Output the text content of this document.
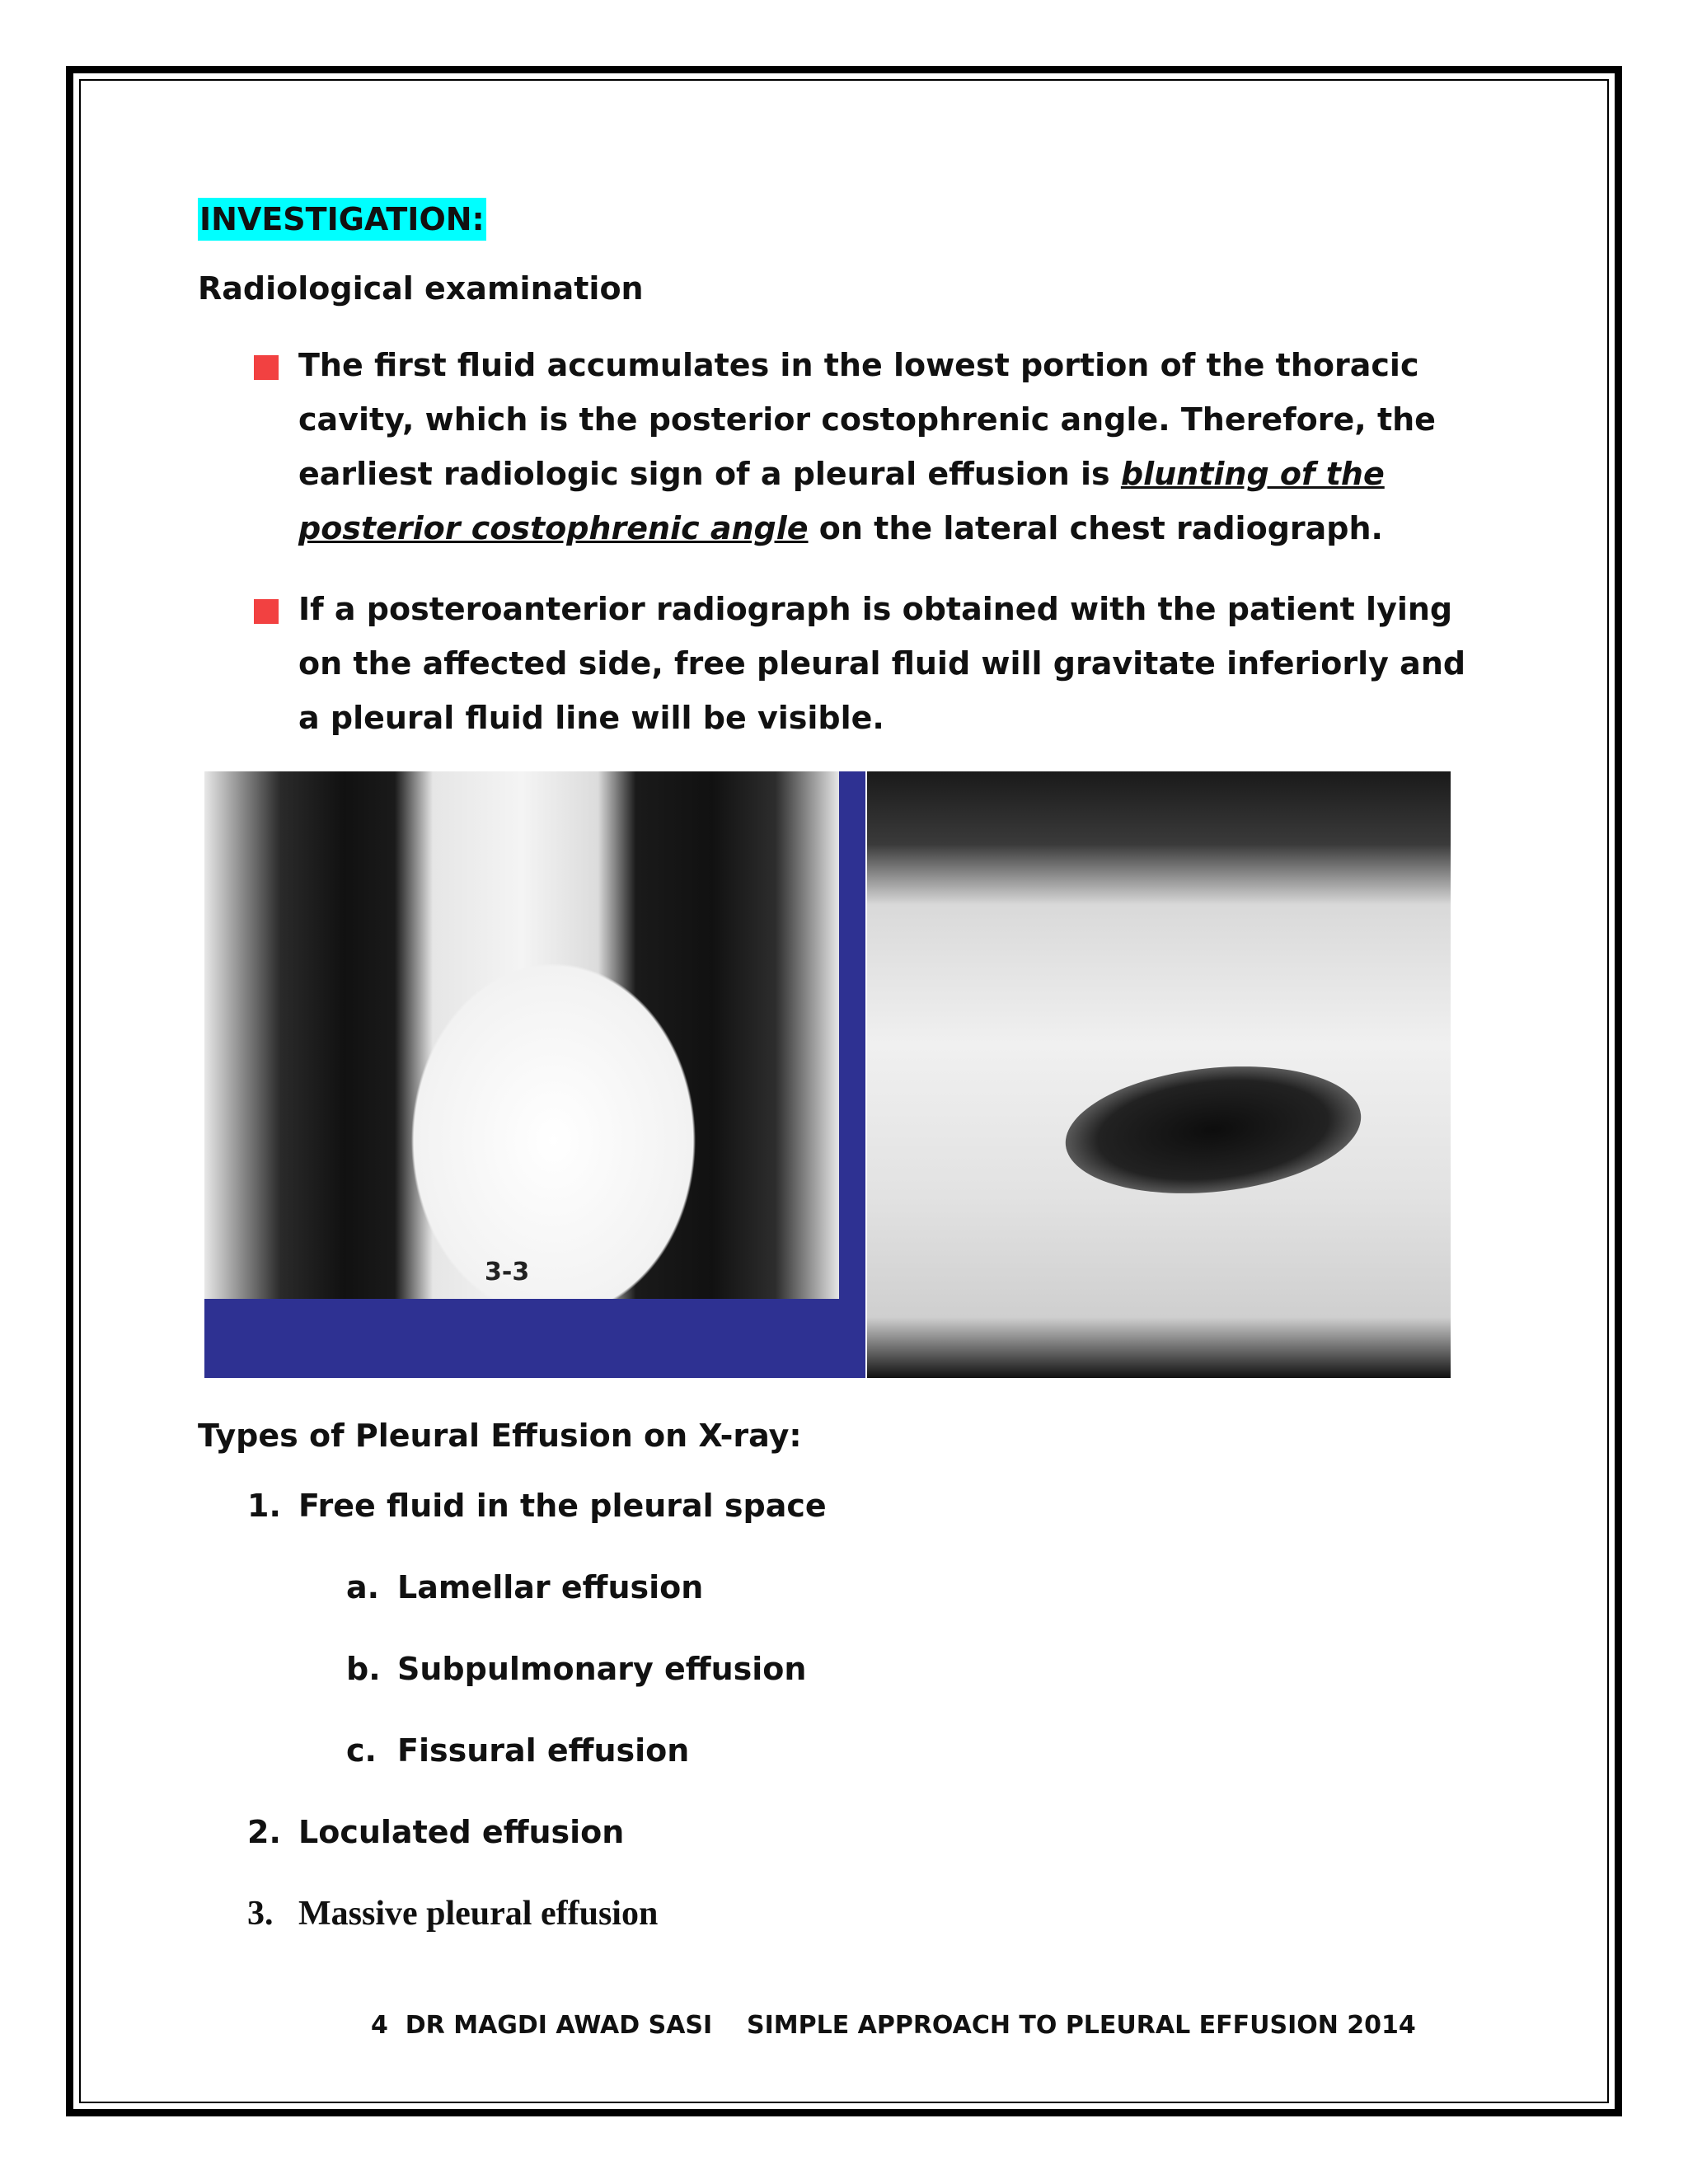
INVESTIGATION:

Radiological examination

The first fluid accumulates in the lowest portion of the thoracic cavity, which is the posterior costophrenic angle. Therefore, the earliest radiologic sign of a pleural effusion is blunting of the posterior costophrenic angle on the lateral chest radiograph.
If a posteroanterior radiograph is obtained with the patient lying on the affected side, free pleural fluid will gravitate inferiorly and a pleural fluid line will be visible.
3-3

Types of Pleural Effusion on X-ray:

1. Free fluid in the pleural space
a. Lamellar effusion
b. Subpulmonary effusion
c. Fissural effusion
2. Loculated effusion
3. Massive pleural effusion
4  DR MAGDI AWAD SASI    SIMPLE APPROACH TO PLEURAL EFFUSION 2014
